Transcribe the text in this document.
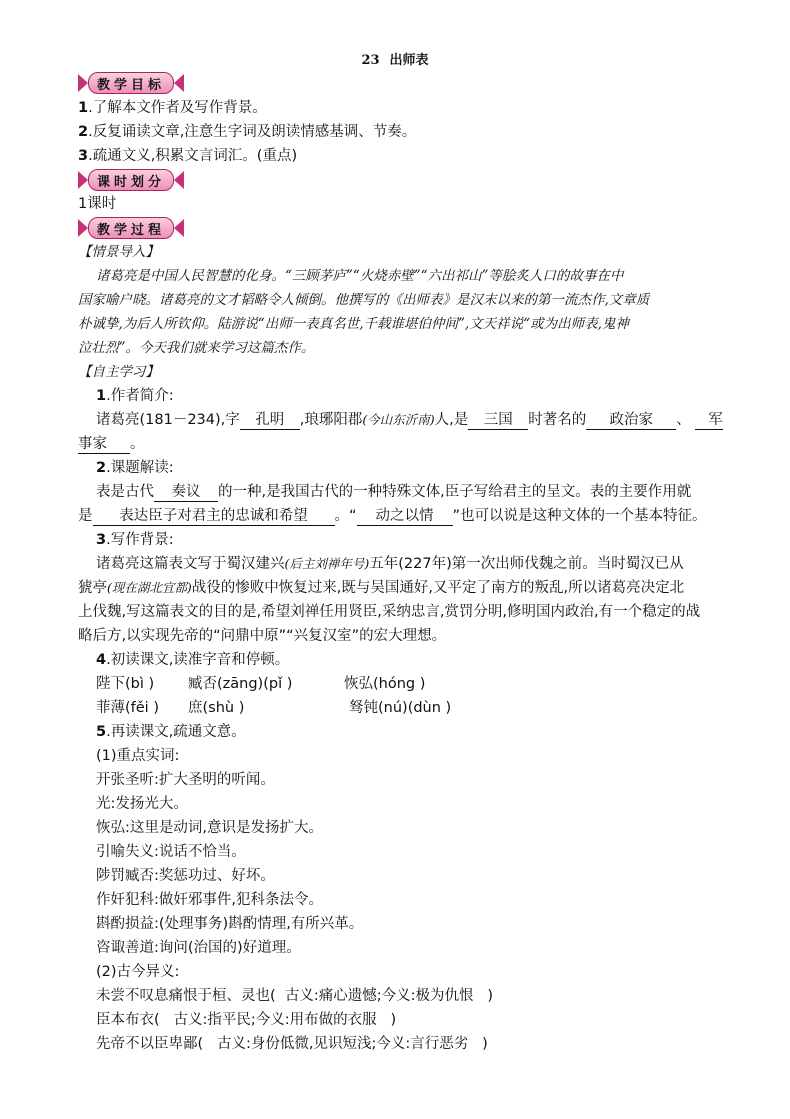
23 出师表
教学目标
1.了解本文作者及写作背景。
2.反复诵读文章,注意生字词及朗读情感基调、节奏。
3.疏通文义,积累文言词汇。(重点)
课时划分
1课时
教学过程
【情景导入】
诸葛亮是中国人民智慧的化身。“三顾茅庐”“火烧赤壁”“六出祁山”等脍炙人口的故事在中
国家喻户晓。诸葛亮的文才韬略令人倾倒。他撰写的《出师表》是汉末以来的第一流杰作,文章质
朴诚挚,为后人所钦仰。陆游说“出师一表真名世,千载谁堪伯仲间”,文天祥说“或为出师表,鬼神
泣壮烈”。今天我们就来学习这篇杰作。
【自主学习】
1.作者简介:
诸葛亮(181－234),字 孔明 ,琅琊阳郡(今山东沂南)人,是 三国 时著名的 政治家 、 军
事家 。
2.课题解读:
表是古代 奏议 的一种,是我国古代的一种特殊文体,臣子写给君主的呈文。表的主要作用就
是 表达臣子对君主的忠诚和希望 。“ 动之以情 ”也可以说是这种文体的一个基本特征。
3.写作背景:
诸葛亮这篇表文写于蜀汉建兴(后主刘禅年号)五年(227年)第一次出师伐魏之前。当时蜀汉已从
猇亭(现在湖北宜都)战役的惨败中恢复过来,既与吴国通好,又平定了南方的叛乱,所以诸葛亮决定北
上伐魏,写这篇表文的目的是,希望刘禅任用贤臣,采纳忠言,赏罚分明,修明国内政治,有一个稳定的战
略后方,以实现先帝的“问鼎中原”“兴复汉室”的宏大理想。
4.初读课文,读准字音和停顿。
陛下(bì ) 臧否(zāng)(pǐ )	恢弘(hóng )
菲薄(fěi ) 庶(shù )	驽钝(nú)(dùn )
5.再读课文,疏通文意。
(1)重点实词:
开张圣听:扩大圣明的听闻。
光:发扬光大。
恢弘:这里是动词,意识是发扬扩大。
引喻失义:说话不恰当。
陟罚臧否:奖惩功过、好坏。
作奸犯科:做奸邪事件,犯科条法令。
斟酌损益:(处理事务)斟酌情理,有所兴革。
咨诹善道:询问(治国的)好道理。
(2)古今异义:
未尝不叹息痛恨于桓、灵也(  古义:痛心遗憾;今义:极为仇恨   )
臣本布衣(   古义:指平民;今义:用布做的衣服   )
先帝不以臣卑鄙(   古义:身份低微,见识短浅;今义:言行恶劣   )
